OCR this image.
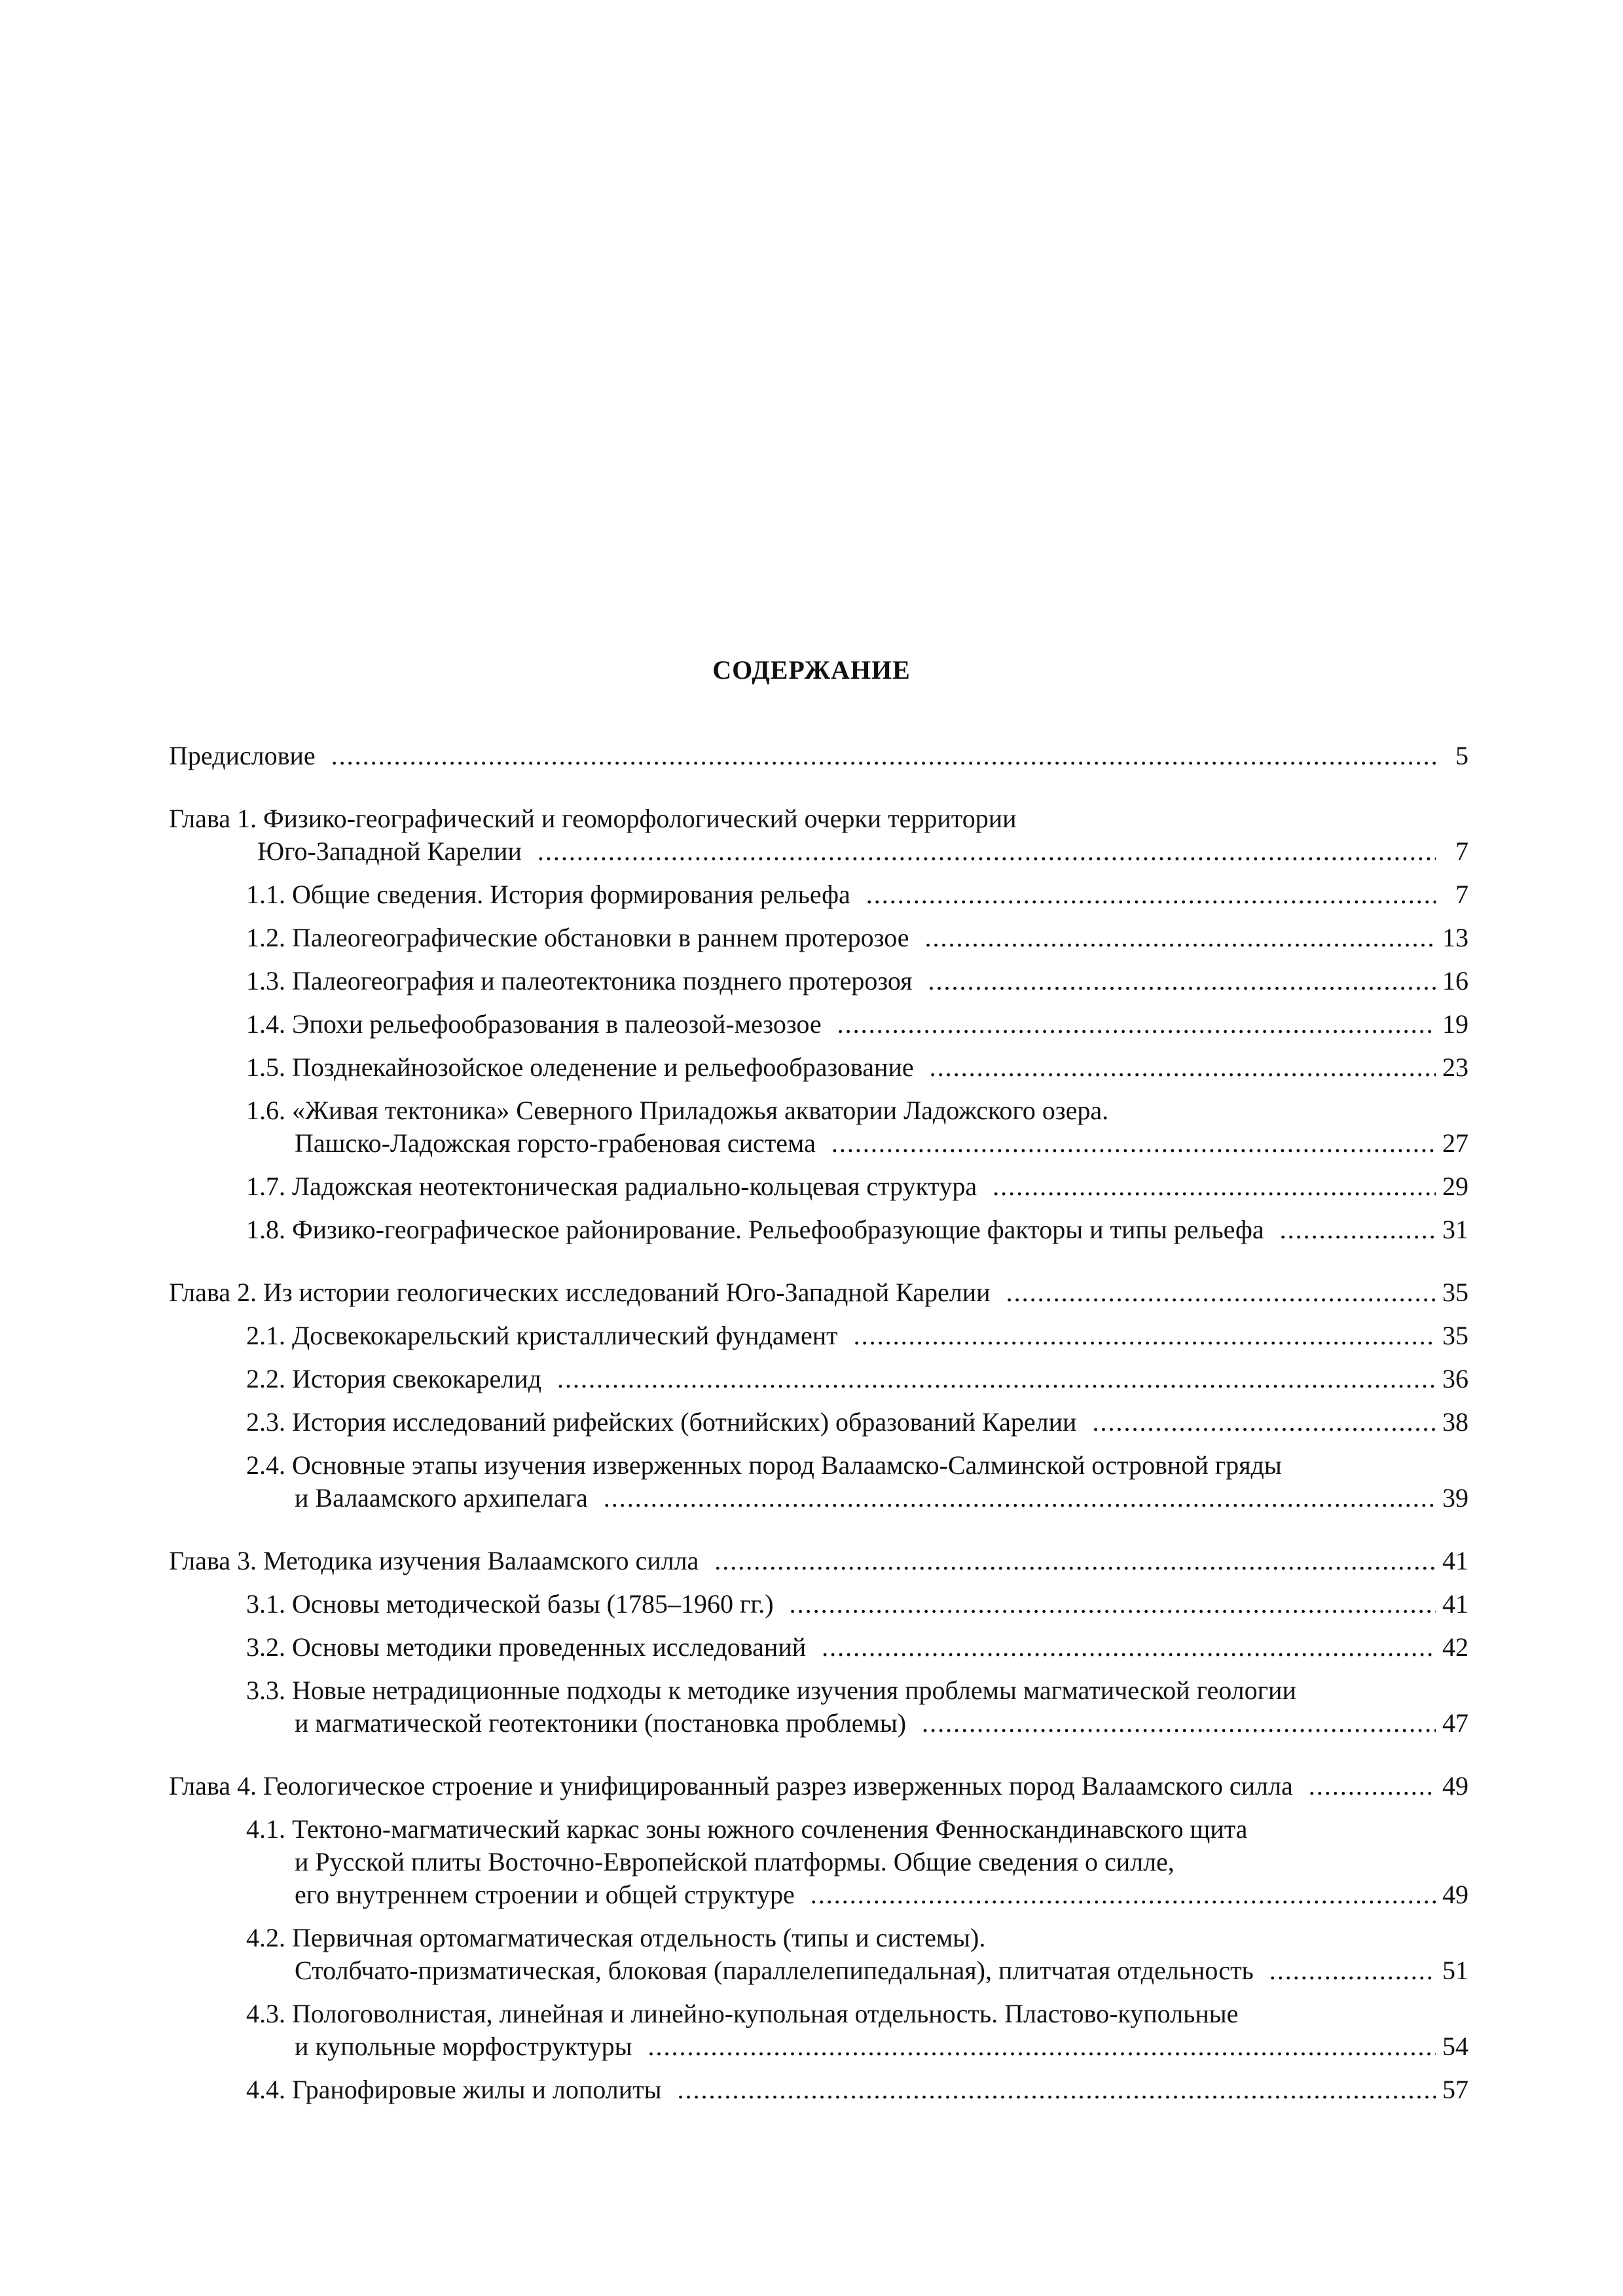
СОДЕРЖАНИЕ
Предисловие .....	5
Глава 1. Физико-географический и геоморфологический очерки территории
Юго-Западной Карелии .....	7
1.1. Общие сведения. История формирования рельефа .....	7
1.2. Палеогеографические обстановки в раннем протерозое .....	13
1.3. Палеогеография и палеотектоника позднего протерозоя .....	16
1.4. Эпохи рельефообразования в палеозой-мезозое .....	19
1.5. Позднекайнозойское оледенение и рельефообразование .....	23
1.6. «Живая тектоника» Северного Приладожья акватории Ладожского озера.
Пашско-Ладожская горсто-грабеновая система .....	27
1.7. Ладожская неотектоническая радиально-кольцевая структура .....	29
1.8. Физико-географическое районирование. Рельефообразующие факторы и типы рельефа .....	31
Глава 2. Из истории геологических исследований Юго-Западной Карелии .....	35
2.1. Досвекокарельский кристаллический фундамент .....	35
2.2. История свекокарелид .....	36
2.3. История исследований рифейских (ботнийских) образований Карелии .....	38
2.4. Основные этапы изучения изверженных пород Валаамско-Салминской островной гряды
и Валаамского архипелага .....	39
Глава 3. Методика изучения Валаамского силла .....	41
3.1. Основы методической базы (1785–1960 гг.) .....	41
3.2. Основы методики проведенных исследований .....	42
3.3. Новые нетрадиционные подходы к методике изучения проблемы магматической геологии
и магматической геотектоники (постановка проблемы) .....	47
Глава 4. Геологическое строение и унифицированный разрез изверженных пород Валаамского силла .....	49
4.1. Тектоно-магматический каркас зоны южного сочленения Фенноскандинавского щита
и Русской плиты Восточно-Европейской платформы. Общие сведения о силле,
его внутреннем строении и общей структуре .....	49
4.2. Первичная ортомагматическая отдельность (типы и системы).
Столбчато-призматическая, блоковая (параллелепипедальная), плитчатая отдельность .....	51
4.3. Пологоволнистая, линейная и линейно-купольная отдельность. Пластово-купольные
и купольные морфоструктуры .....	54
4.4. Гранофировые жилы и лополиты .....	57
